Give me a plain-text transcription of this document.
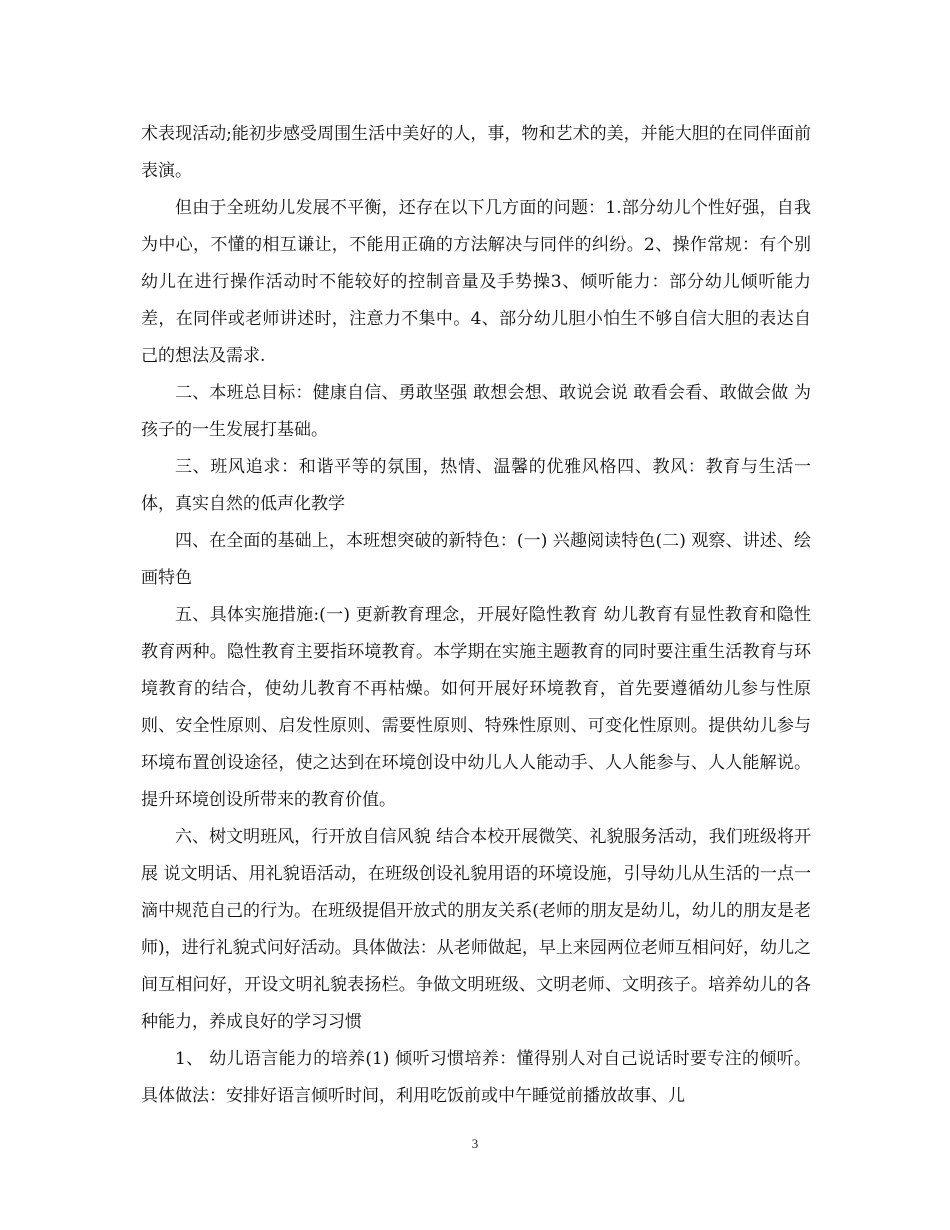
术表现活动;能初步感受周围生活中美好的人，事，物和艺术的美，并能大胆的在同伴面前表演。

但由于全班幼儿发展不平衡，还存在以下几方面的问题：1.部分幼儿个性好强，自我为中心，不懂的相互谦让，不能用正确的方法解决与同伴的纠纷。2、操作常规：有个别幼儿在进行操作活动时不能较好的控制音量及手势操3、倾听能力：部分幼儿倾听能力差，在同伴或老师讲述时，注意力不集中。4、部分幼儿胆小怕生不够自信大胆的表达自己的想法及需求.

二、本班总目标：健康自信、勇敢坚强 敢想会想、敢说会说 敢看会看、敢做会做 为孩子的一生发展打基础。

三、班风追求：和谐平等的氛围，热情、温馨的优雅风格四、教风：教育与生活一体，真实自然的低声化教学

四、在全面的基础上，本班想突破的新特色：(一) 兴趣阅读特色(二) 观察、讲述、绘画特色

五、具体实施措施:(一) 更新教育理念，开展好隐性教育 幼儿教育有显性教育和隐性教育两种。隐性教育主要指环境教育。本学期在实施主题教育的同时要注重生活教育与环境教育的结合，使幼儿教育不再枯燥。如何开展好环境教育，首先要遵循幼儿参与性原则、安全性原则、启发性原则、需要性原则、特殊性原则、可变化性原则。提供幼儿参与环境布置创设途径，使之达到在环境创设中幼儿人人能动手、人人能参与、人人能解说。提升环境创设所带来的教育价值。

六、树文明班风，行开放自信风貌 结合本校开展微笑、礼貌服务活动，我们班级将开展 说文明话、用礼貌语活动，在班级创设礼貌用语的环境设施，引导幼儿从生活的一点一滴中规范自己的行为。在班级提倡开放式的朋友关系(老师的朋友是幼儿，幼儿的朋友是老师)，进行礼貌式问好活动。具体做法：从老师做起，早上来园两位老师互相问好，幼儿之间互相问好，开设文明礼貌表扬栏。争做文明班级、文明老师、文明孩子。培养幼儿的各种能力，养成良好的学习习惯

1、 幼儿语言能力的培养(1) 倾听习惯培养：懂得别人对自己说话时要专注的倾听。具体做法：安排好语言倾听时间，利用吃饭前或中午睡觉前播放故事、儿

3
